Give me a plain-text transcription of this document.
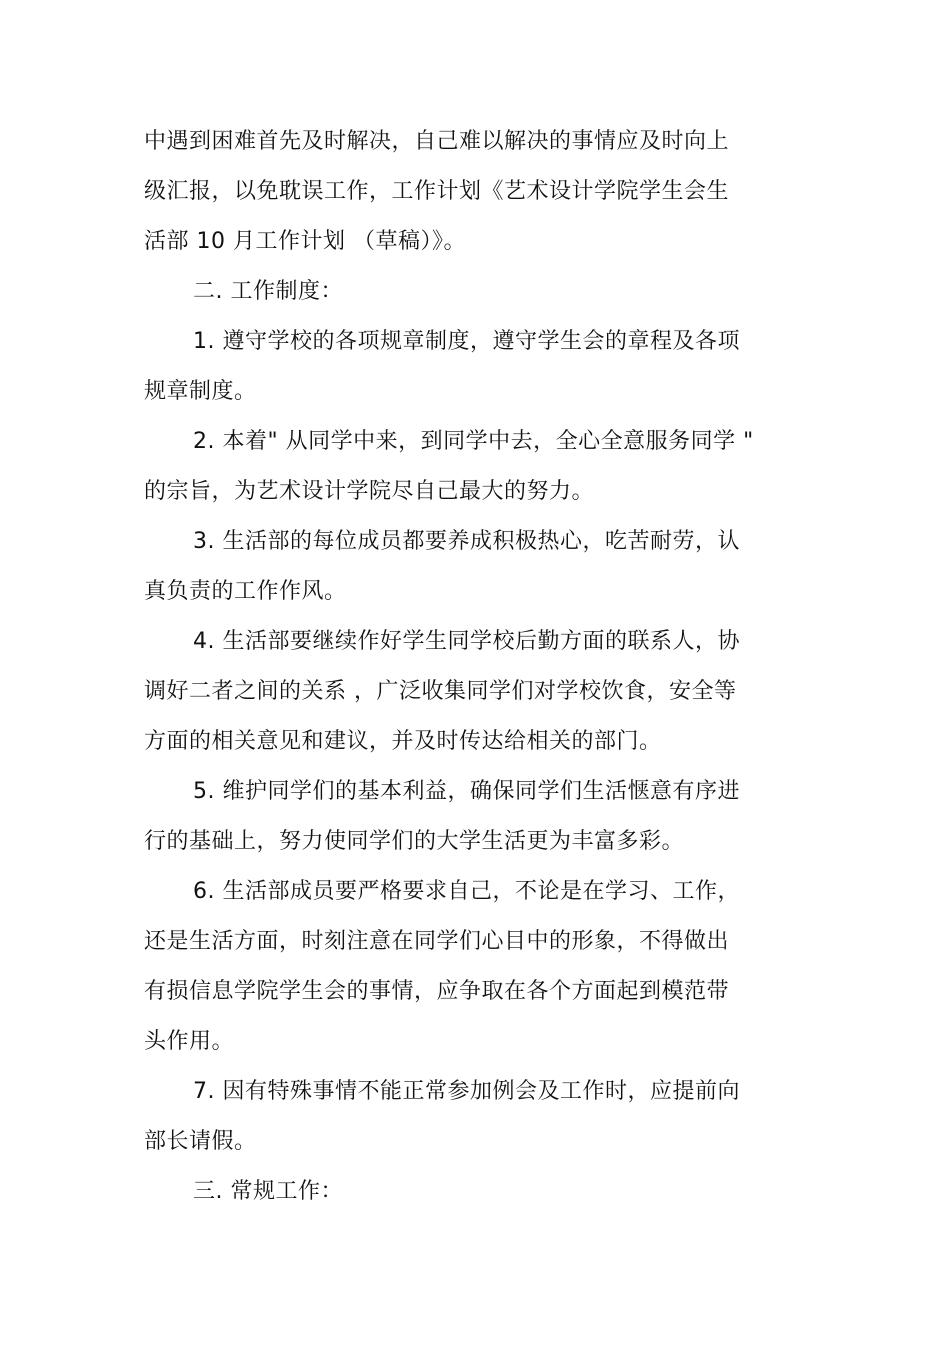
中遇到困难首先及时解决，自己难以解决的事情应及时向上
级汇报，以免耽误工作，工作计划《艺术设计学院学生会生
活部 10 月工作计划 （草稿）》。
二. 工作制度：
1. 遵守学校的各项规章制度，遵守学生会的章程及各项
规章制度。
2. 本着" 从同学中来，到同学中去，全心全意服务同学 "
的宗旨，为艺术设计学院尽自己最大的努力。
3. 生活部的每位成员都要养成积极热心，吃苦耐劳，认
真负责的工作作风。
4. 生活部要继续作好学生同学校后勤方面的联系人，协
调好二者之间的关系 ，广泛收集同学们对学校饮食，安全等
方面的相关意见和建议，并及时传达给相关的部门。
5. 维护同学们的基本利益，确保同学们生活惬意有序进
行的基础上，努力使同学们的大学生活更为丰富多彩。
6. 生活部成员要严格要求自己，不论是在学习、工作，
还是生活方面，时刻注意在同学们心目中的形象，不得做出
有损信息学院学生会的事情，应争取在各个方面起到模范带
头作用。
7. 因有特殊事情不能正常参加例会及工作时，应提前向
部长请假。
三. 常规工作：
